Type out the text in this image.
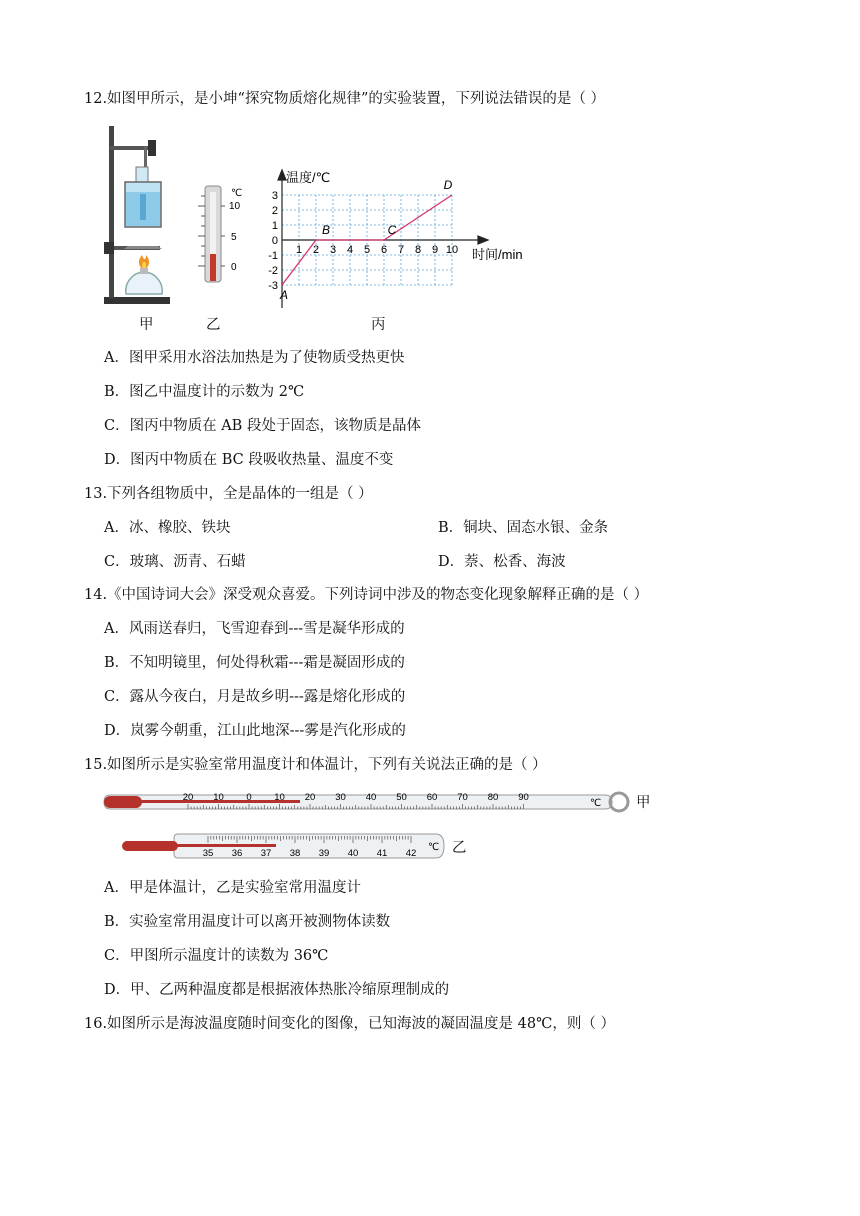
12.如图甲所示，是小坤“探究物质熔化规律”的实验装置，下列说法错误的是（ ）
甲
℃
10
5
0
乙
温度/℃
时间/min
1 2 3 4 5 6 7 8 9 10
3
2
1
0
-1
-2
-3
A
B	C
D
丙
A．图甲采用水浴法加热是为了使物质受热更快
B．图乙中温度计的示数为 2℃
C．图丙中物质在 AB 段处于固态，该物质是晶体
D．图丙中物质在 BC 段吸收热量、温度不变
13.下列各组物质中，全是晶体的一组是（ ）
A．冰、橡胶、铁块	B．铜块、固态水银、金条
C．玻璃、沥青、石蜡	D．萘、松香、海波
14.《中国诗词大会》深受观众喜爱。下列诗词中涉及的物态变化现象解释正确的是（ ）
A．风雨送春归，飞雪迎春到---雪是凝华形成的
B．不知明镜里，何处得秋霜---霜是凝固形成的
C．露从今夜白，月是故乡明---露是熔化形成的
D．岚雾今朝重，江山此地深---雾是汽化形成的
15.如图所示是实验室常用温度计和体温计，下列有关说法正确的是（ ）
20 10 0 10 20 30 40 50 60 70 80 90
℃ 甲
35 36 37 38 39 40 41 42
℃ 乙
A．甲是体温计，乙是实验室常用温度计
B．实验室常用温度计可以离开被测物体读数
C．甲图所示温度计的读数为 36℃
D．甲、乙两种温度都是根据液体热胀冷缩原理制成的
16.如图所示是海波温度随时间变化的图像，已知海波的凝固温度是 48℃，则（ ）
